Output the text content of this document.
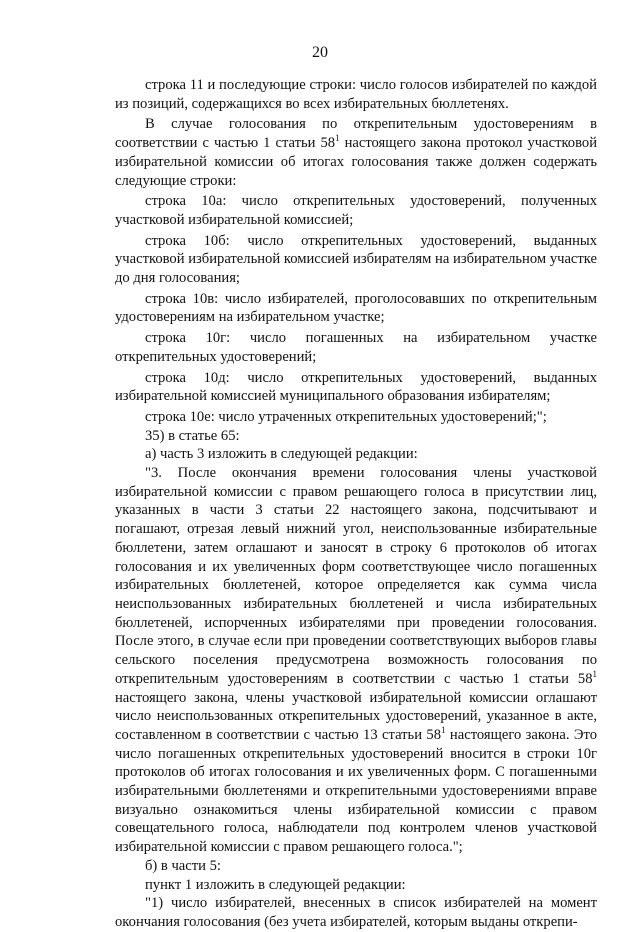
20

строка 11 и последующие строки: число голосов избирателей по каждой из позиций, содержащихся во всех избирательных бюллетенях.

В случае голосования по открепительным удостоверениям в соответствии с частью 1 статьи $58^1$ настоящего закона протокол участковой избирательной комиссии об итогах голосования также должен содержать следующие строки:

строка 10а: число открепительных удостоверений, полученных участковой избирательной комиссией;

строка 10б: число открепительных удостоверений, выданных участковой избирательной комиссией избирателям на избирательном участке до дня голосования;

строка 10в: число избирателей, проголосовавших по открепительным удостоверениям на избирательном участке;

строка 10г: число погашенных на избирательном участке открепительных удостоверений;

строка 10д: число открепительных удостоверений, выданных избирательной комиссией муниципального образования избирателям;

строка 10е: число утраченных открепительных удостоверений;";

35) в статье 65:

а) часть 3 изложить в следующей редакции:

"3. После окончания времени голосования члены участковой избирательной комиссии с правом решающего голоса в присутствии лиц, указанных в части 3 статьи 22 настоящего закона, подсчитывают и погашают, отрезая левый нижний угол, неиспользованные избирательные бюллетени, затем оглашают и заносят в строку 6 протоколов об итогах голосования и их увеличенных форм соответствующее число погашенных избирательных бюллетеней, которое определяется как сумма числа неиспользованных избирательных бюллетеней и числа избирательных бюллетеней, испорченных избирателями при проведении голосования. После этого, в случае если при проведении соответствующих выборов главы сельского поселения предусмотрена возможность голосования по открепительным удостоверениям в соответствии с частью 1 статьи $58^1$ настоящего закона, члены участковой избирательной комиссии оглашают число неиспользованных открепительных удостоверений, указанное в акте, составленном в соответствии с частью 13 статьи $58^1$ настоящего закона. Это число погашенных открепительных удостоверений вносится в строки 10г протоколов об итогах голосования и их увеличенных форм. С погашенными избирательными бюллетенями и открепительными удостоверениями вправе визуально ознакомиться члены избирательной комиссии с правом совещательного голоса, наблюдатели под контролем членов участковой избирательной комиссии с правом решающего голоса.";

б) в части 5:

пункт 1 изложить в следующей редакции:

"1) число избирателей, внесенных в список избирателей на момент окончания голосования (без учета избирателей, которым выданы открепи-
